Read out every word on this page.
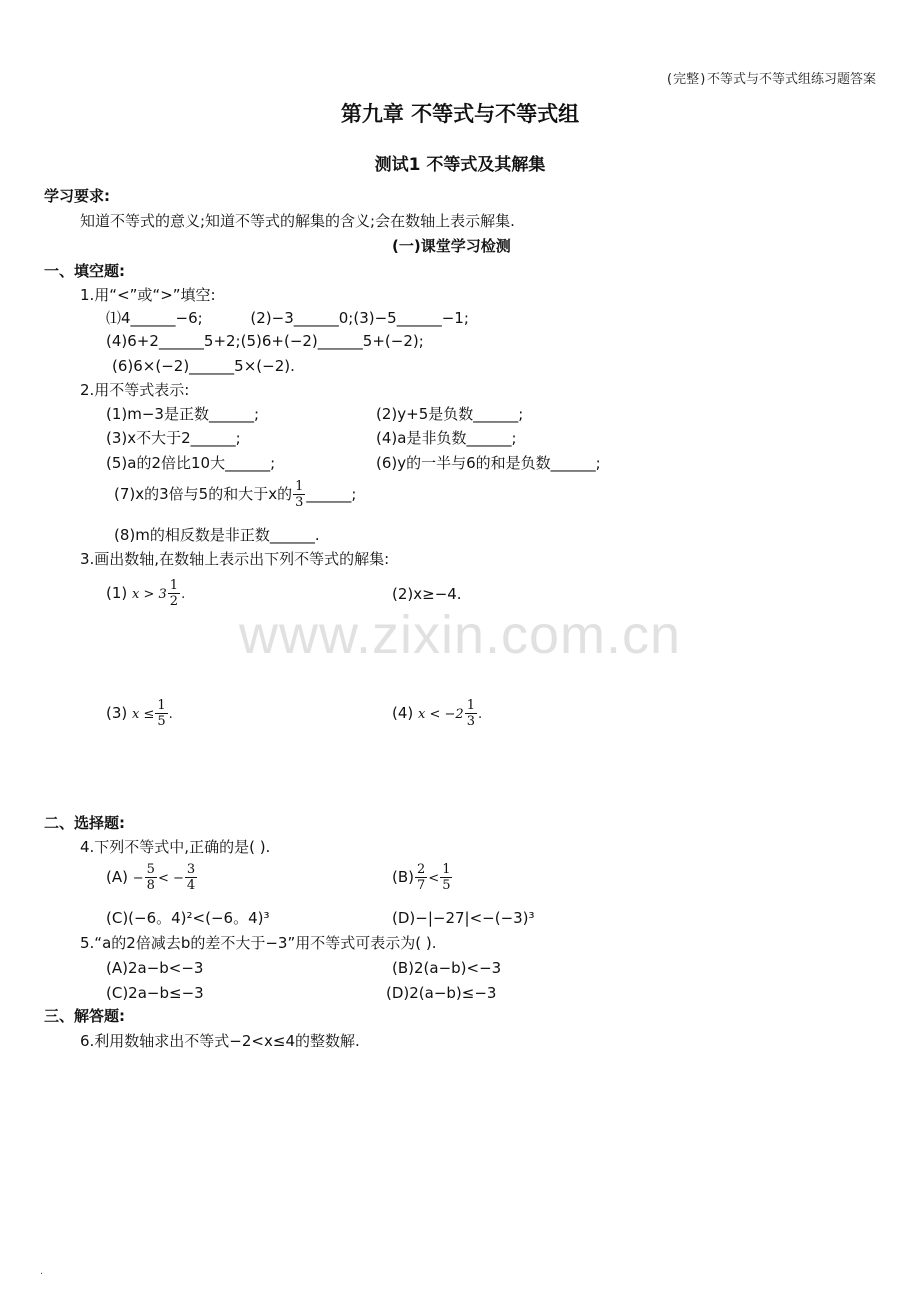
(完整)不等式与不等式组练习题答案
第九章 不等式与不等式组
测试1 不等式及其解集
学习要求:
知道不等式的意义;知道不等式的解集的含义;会在数轴上表示解集.
(一)课堂学习检测
一、填空题:
1.用“<”或“>”填空:
⑴4______−6;          (2)−3______0;(3)−5______−1;
(4)6+2______5+2;(5)6+(−2)______5+(−2);
(6)6×(−2)______5×(−2).
2.用不等式表示:
(1)m−3是正数______;	(2)y+5是负数______;
(3)x不大于2______;	(4)a是非负数______;
(5)a的2倍比10大______;	(6)y的一半与6的和是负数______;
(7)x的3倍与5的和大于x的 $\frac{1}{3}$ ______;
(8)m的相反数是非正数______.
3.画出数轴,在数轴上表示出下列不等式的解集:
(1) $x > 3 \frac{1}{2}$ .	(2)x≥−4.
www.zixin.com.cn
(3) $x \le \frac{1}{5}$ .	(4) $x < -2 \frac{1}{3}$ .
二、选择题:
4.下列不等式中,正确的是( ).
$(A) - \frac{5}{8}$ < − $\frac{3}{4}$	$(B) \frac{2}{7} < \frac{1}{5}$
(C)(−6。4)²<(−6。4)³	(D)−|−27|<−(−3)³
5.“a的2倍减去b的差不大于−3”用不等式可表示为( ).
(A)2a−b<−3	(B)2(a−b)<−3
(C)2a−b≤−3	(D)2(a−b)≤−3
三、解答题:
6.利用数轴求出不等式−2<x≤4的整数解.
.
